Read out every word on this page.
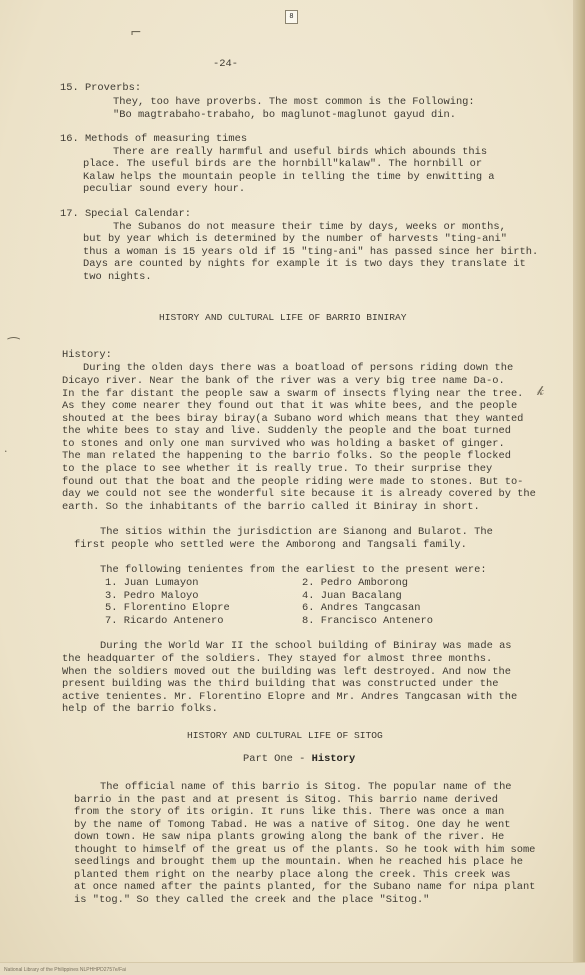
8
⌐
⁀
𝓀
·
-24-
15. Proverbs:
They, too have proverbs. The most common is the Following:
"Bo magtrabaho-trabaho, bo maglunot-maglunot gayud din.
16. Methods of measuring times
There are really harmful and useful birds which abounds this
place. The useful birds are the hornbill"kalaw". The hornbill or
Kalaw helps the mountain people in telling the time by enwitting a
peculiar sound every hour.
17. Special Calendar:
The Subanos do not measure their time by days, weeks or months,
but by year which is determined by the number of harvests "ting-ani"
thus a woman is 15 years old if 15 "ting-ani" has passed since her birth.
Days are counted by nights for example it is two days they translate it
two nights.
HISTORY AND CULTURAL LIFE OF BARRIO BINIRAY
History:
During the olden days there was a boatload of persons riding down the
Dicayo river. Near the bank of the river was a very big tree name Da-o.
In the far distant the people saw a swarm of insects flying near the tree.
As they come nearer they found out that it was white bees, and the people
shouted at the bees biray biray(a Subano word which means that they wanted
the white bees to stay and live. Suddenly the people and the boat turned
to stones and only one man survived who was holding a basket of ginger.
The man related the happening to the barrio folks. So the people flocked
to the place to see whether it is really true. To their surprise they
found out that the boat and the people riding were made to stones. But to-
day we could not see the wonderful site because it is already covered by the
earth. So the inhabitants of the barrio called it Biniray in short.
The sitios within the jurisdiction are Sianong and Bularot. The
first people who settled were the Amborong and Tangsali family.
The following tenientes from the earliest to the present were:
1. Juan Lumayon
3. Pedro Maloyo
5. Florentino Elopre
7. Ricardo Antenero
2. Pedro Amborong
4. Juan Bacalang
6. Andres Tangcasan
8. Francisco Antenero
During the World War II the school building of Biniray was made as
the headquarter of the soldiers. They stayed for almost three months.
When the soldiers moved out the building was left destroyed. And now the
present building was the third building that was constructed under the
active tenientes. Mr. Florentino Elopre and Mr. Andres Tangcasan with the
help of the barrio folks.
HISTORY AND CULTURAL LIFE OF SITOG
Part One - History
The official name of this barrio is Sitog. The popular name of the
barrio in the past and at present is Sitog. This barrio name derived
from the story of its origin. It runs like this. There was once a man
by the name of Tomong Tabad. He was a native of Sitog. One day he went
down town. He saw nipa plants growing along the bank of the river. He
thought to himself of the great us of the plants. So he took with him some
seedlings and brought them up the mountain. When he reached his place he
planted them right on the nearby place along the creek. This creek was
at once named after the paints planted, for the Subano name for nipa plant
is "tog." So they called the creek and the place "Sitog."
National Library of the Philippines NLPHHPD2757e/Fai
